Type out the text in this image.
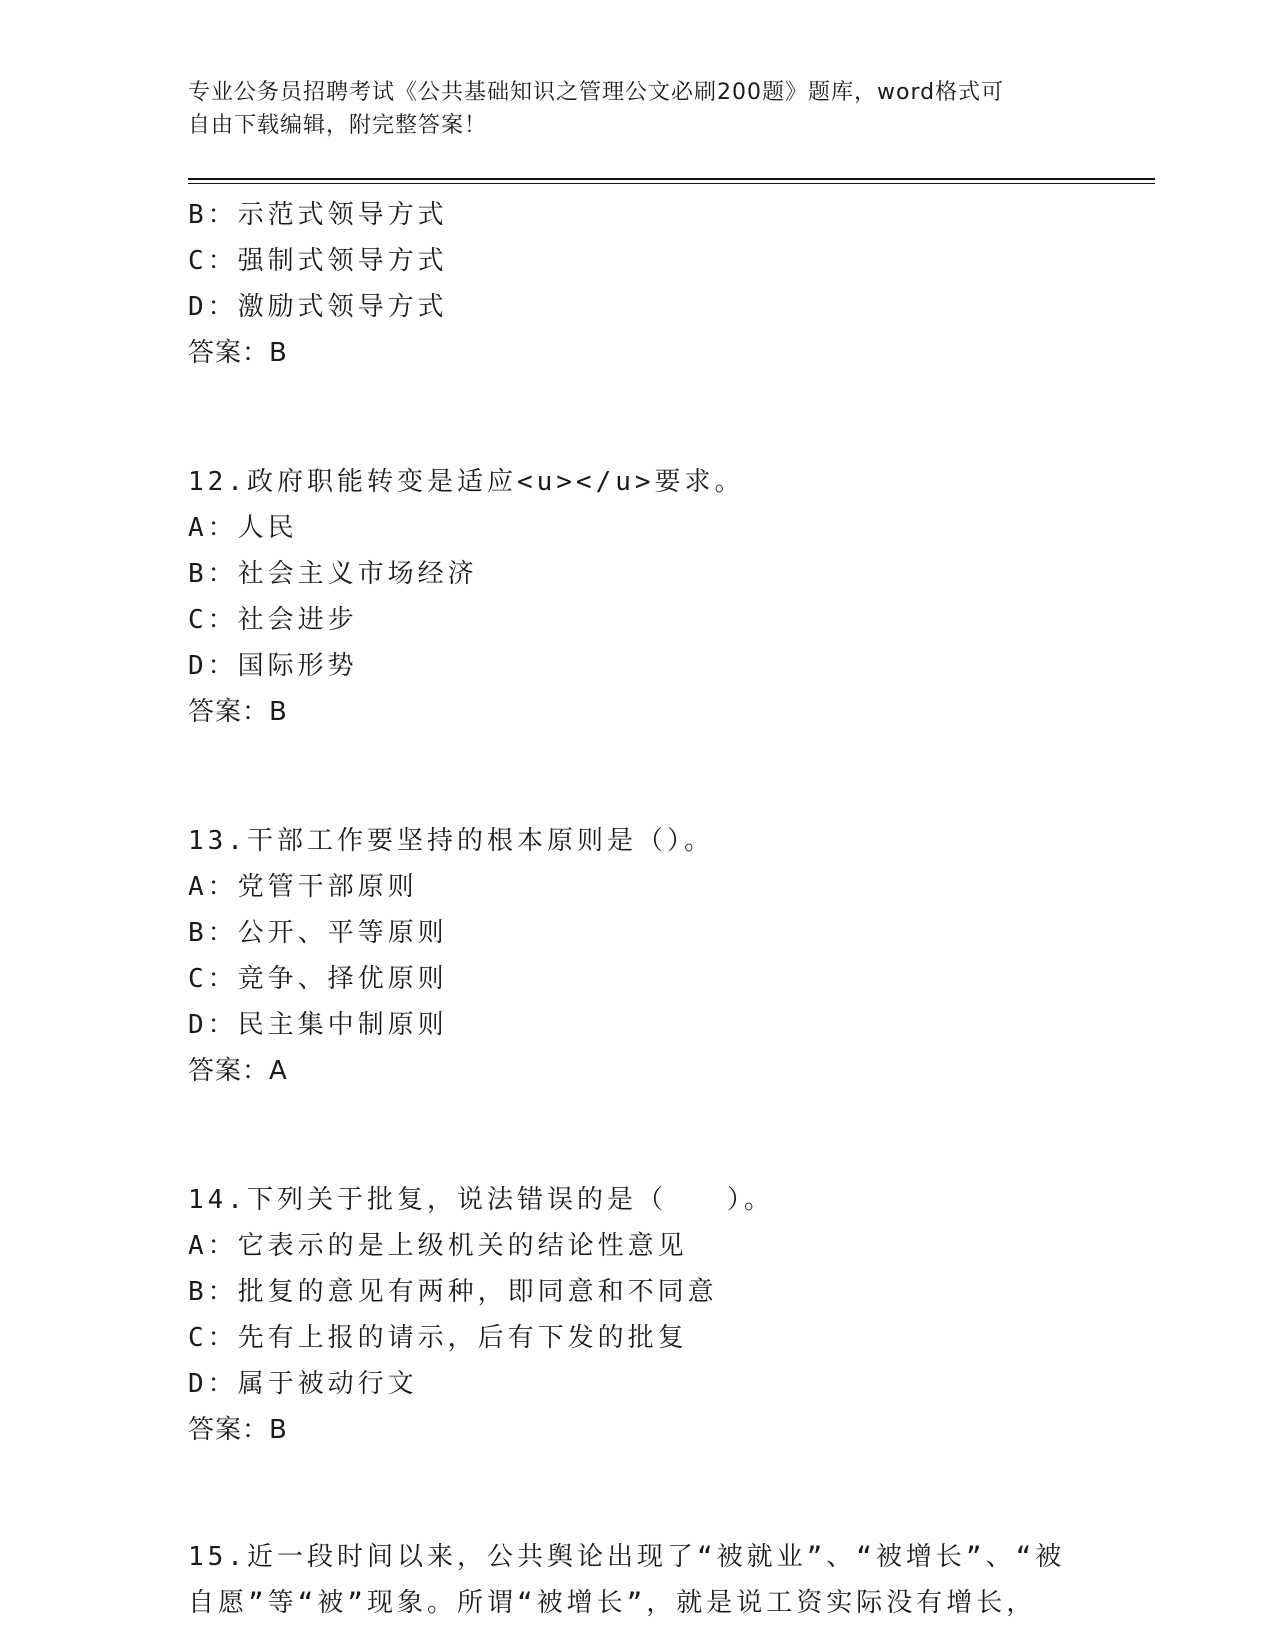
专业公务员招聘考试《公共基础知识之管理公文必刷200题》题库，word格式可
自由下载编辑，附完整答案！
B：示范式领导方式
C：强制式领导方式
D：激励式领导方式
答案：B
12.政府职能转变是适应<u></u>要求。
A：人民
B：社会主义市场经济
C：社会进步
D：国际形势
答案：B
13.干部工作要坚持的根本原则是（）。
A：党管干部原则
B：公开、平等原则
C：竞争、择优原则
D：民主集中制原则
答案：A
14.下列关于批复，说法错误的是（　　）。
A：它表示的是上级机关的结论性意见
B：批复的意见有两种，即同意和不同意
C：先有上报的请示，后有下发的批复
D：属于被动行文
答案：B
15.近一段时间以来，公共舆论出现了“被就业”、“被增长”、“被
自愿”等“被”现象。所谓“被增长”，就是说工资实际没有增长，
